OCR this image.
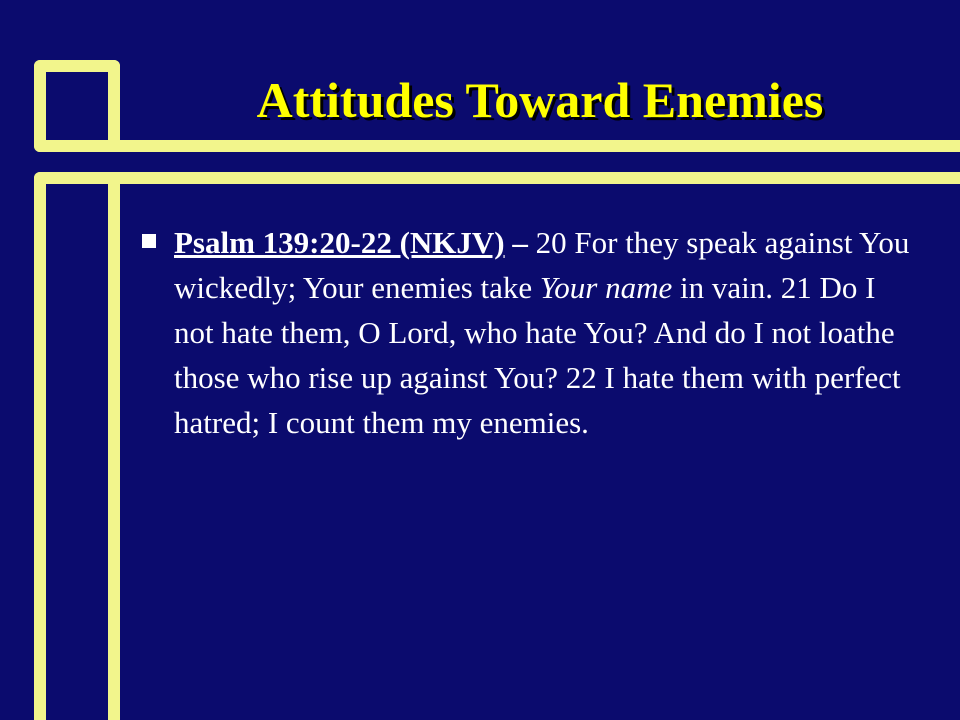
Attitudes Toward Enemies
Psalm 139:20-22 (NKJV) – 20 For they speak against You wickedly; Your enemies take Your name in vain. 21 Do I not hate them, O Lord, who hate You? And do I not loathe those who rise up against You? 22 I hate them with perfect hatred; I count them my enemies.
